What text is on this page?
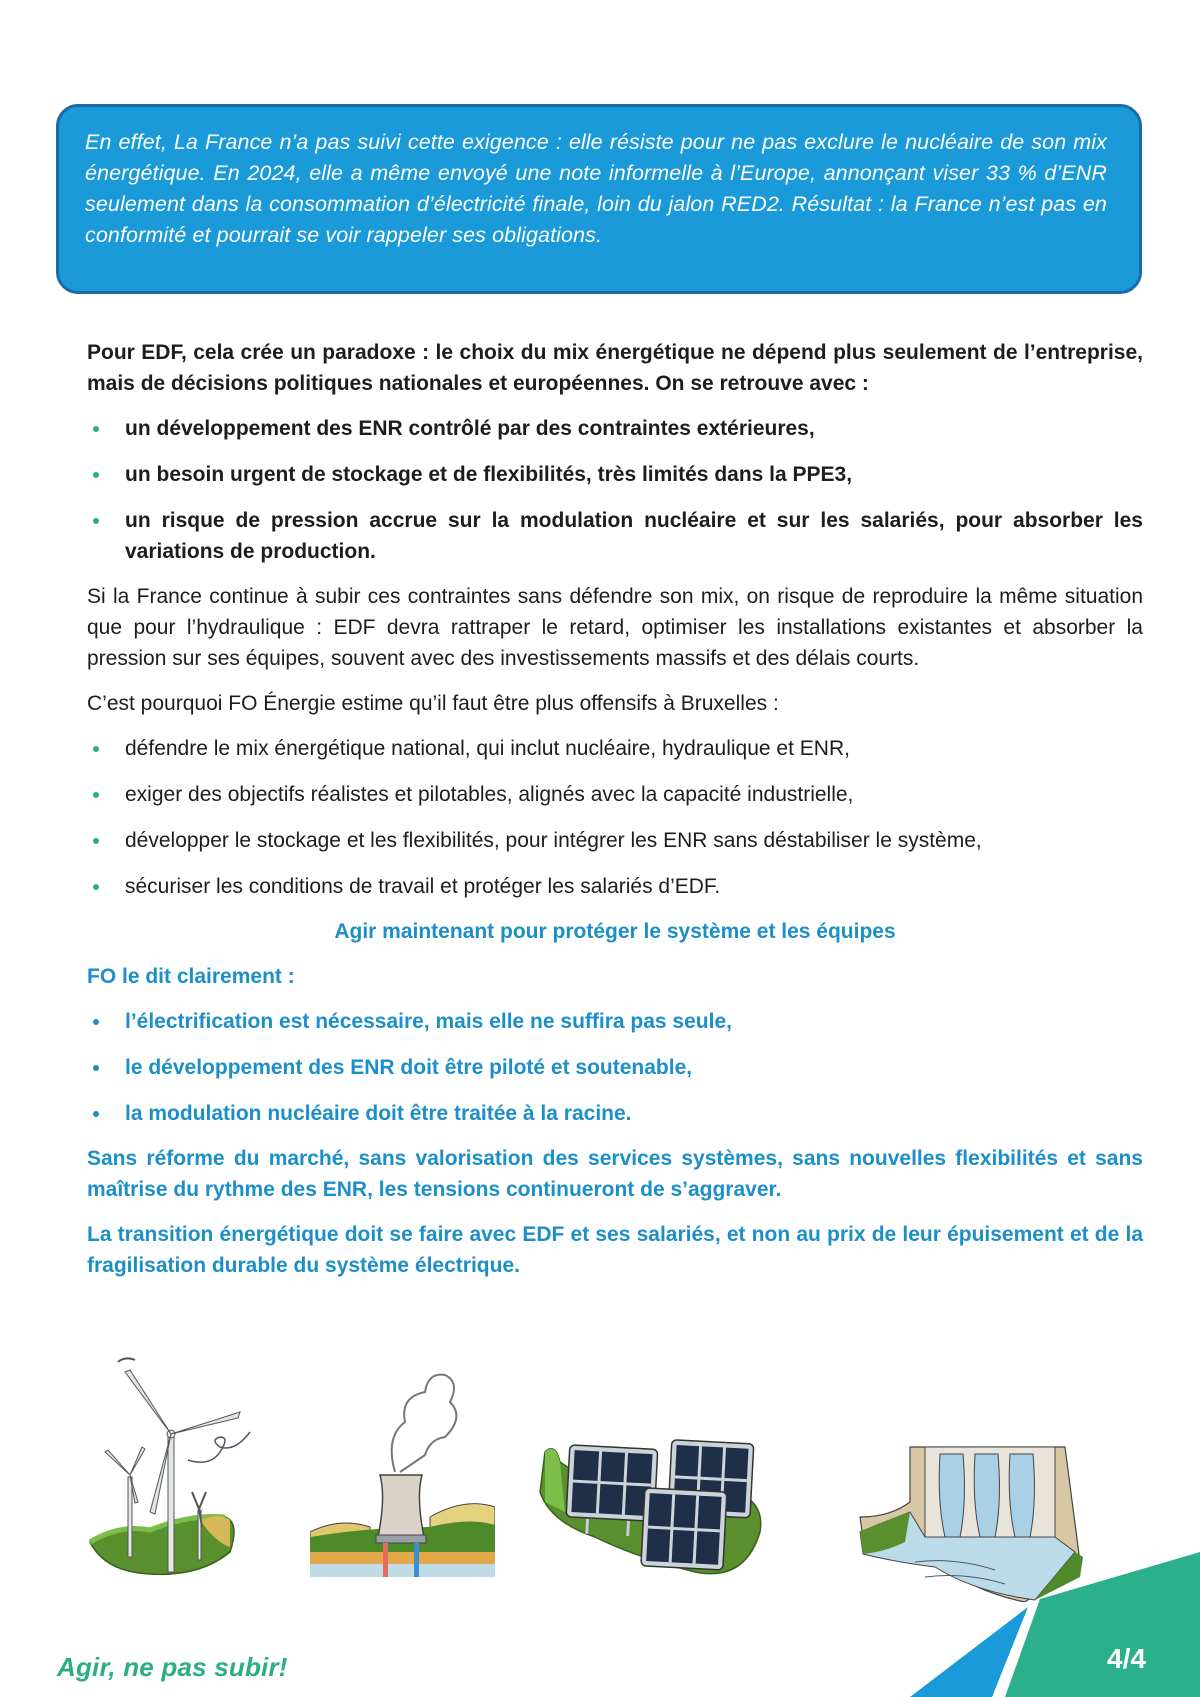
En effet, La France n’a pas suivi cette exigence : elle résiste pour ne pas exclure le nucléaire de son mix énergétique. En 2024, elle a même envoyé une note informelle à l’Europe, annonçant viser 33 % d’ENR seulement dans la consommation d’électricité finale, loin du jalon RED2. Résultat : la France n’est pas en conformité et pourrait se voir rappeler ses obligations.

Pour EDF, cela crée un paradoxe : le choix du mix énergétique ne dépend plus seulement de l’entreprise, mais de décisions politiques nationales et européennes. On se retrouve avec :

un développement des ENR contrôlé par des contraintes extérieures,
un besoin urgent de stockage et de flexibilités, très limités dans la PPE3,
un risque de pression accrue sur la modulation nucléaire et sur les salariés, pour absorber les variations de production.

Si la France continue à subir ces contraintes sans défendre son mix, on risque de reproduire la même situation que pour l’hydraulique : EDF devra rattraper le retard, optimiser les installations existantes et absorber la pression sur ses équipes, souvent avec des investissements massifs et des délais courts.

C’est pourquoi FO Énergie estime qu’il faut être plus offensifs à Bruxelles :

défendre le mix énergétique national, qui inclut nucléaire, hydraulique et ENR,
exiger des objectifs réalistes et pilotables, alignés avec la capacité industrielle,
développer le stockage et les flexibilités, pour intégrer les ENR sans déstabiliser le système,
sécuriser les conditions de travail et protéger les salariés d’EDF.

Agir maintenant pour protéger le système et les équipes

FO le dit clairement :

l’électrification est nécessaire, mais elle ne suffira pas seule,
le développement des ENR doit être piloté et soutenable,
la modulation nucléaire doit être traitée à la racine.

Sans réforme du marché, sans valorisation des services systèmes, sans nouvelles flexibilités et sans maîtrise du rythme des ENR, les tensions continueront de s’aggraver.

La transition énergétique doit se faire avec EDF et ses salariés, et non au prix de leur épuisement et de la fragilisation durable du système électrique.

Agir, ne pas subir!	4/4
